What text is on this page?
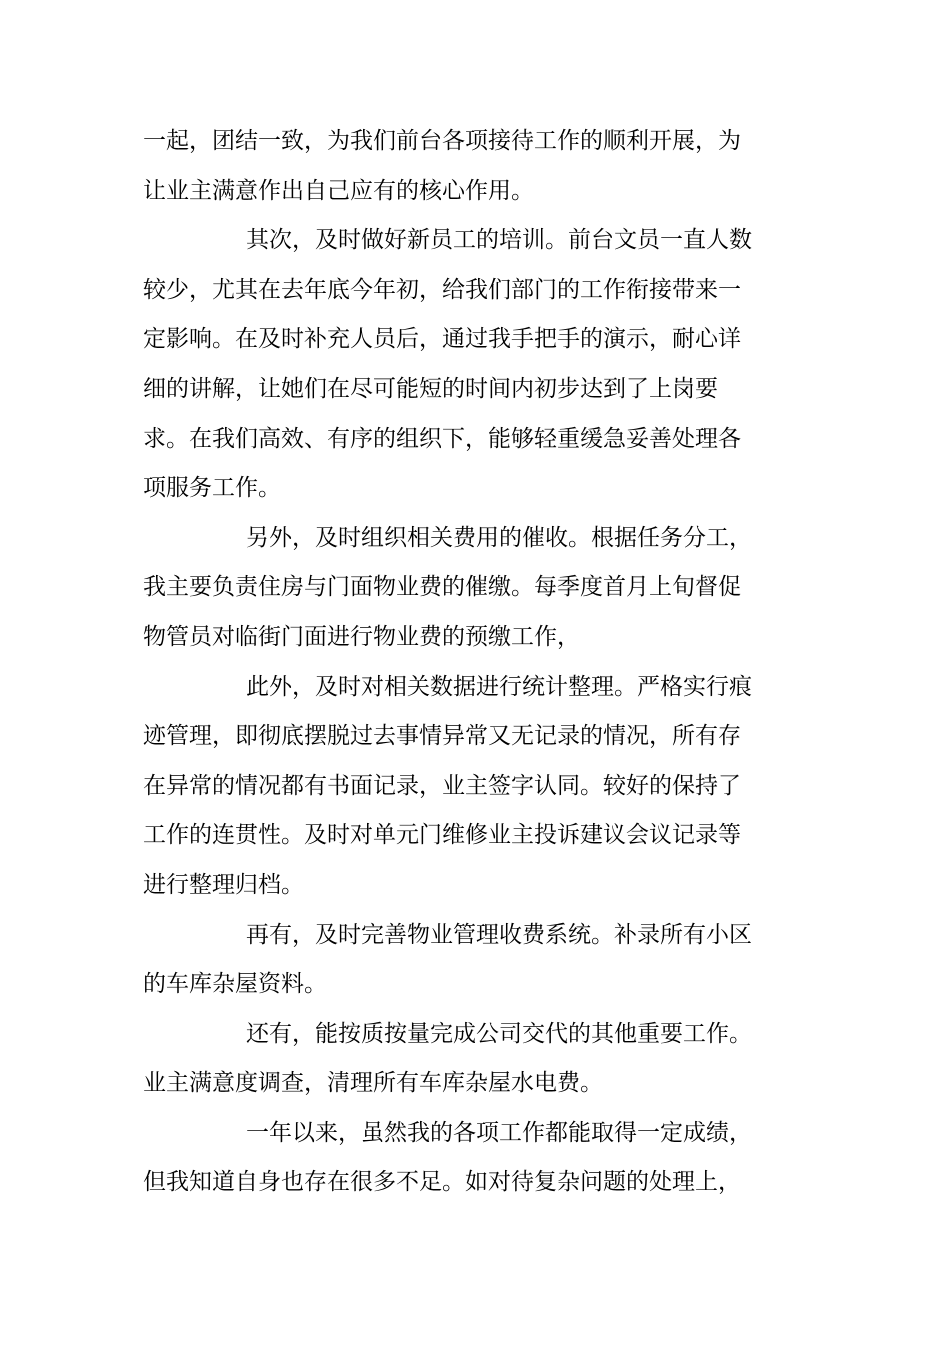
一起，团结一致，为我们前台各项接待工作的顺利开展，为
让业主满意作出自己应有的核心作用。
其次，及时做好新员工的培训。前台文员一直人数
较少，尤其在去年底今年初，给我们部门的工作衔接带来一
定影响。在及时补充人员后，通过我手把手的演示，耐心详
细的讲解，让她们在尽可能短的时间内初步达到了上岗要
求。在我们高效、有序的组织下，能够轻重缓急妥善处理各
项服务工作。
另外，及时组织相关费用的催收。根据任务分工，
我主要负责住房与门面物业费的催缴。每季度首月上旬督促
物管员对临街门面进行物业费的预缴工作，
此外，及时对相关数据进行统计整理。严格实行痕
迹管理，即彻底摆脱过去事情异常又无记录的情况，所有存
在异常的情况都有书面记录，业主签字认同。较好的保持了
工作的连贯性。及时对单元门维修业主投诉建议会议记录等
进行整理归档。
再有，及时完善物业管理收费系统。补录所有小区
的车库杂屋资料。
还有，能按质按量完成公司交代的其他重要工作。
业主满意度调查，清理所有车库杂屋水电费。
一年以来，虽然我的各项工作都能取得一定成绩，
但我知道自身也存在很多不足。如对待复杂问题的处理上，
